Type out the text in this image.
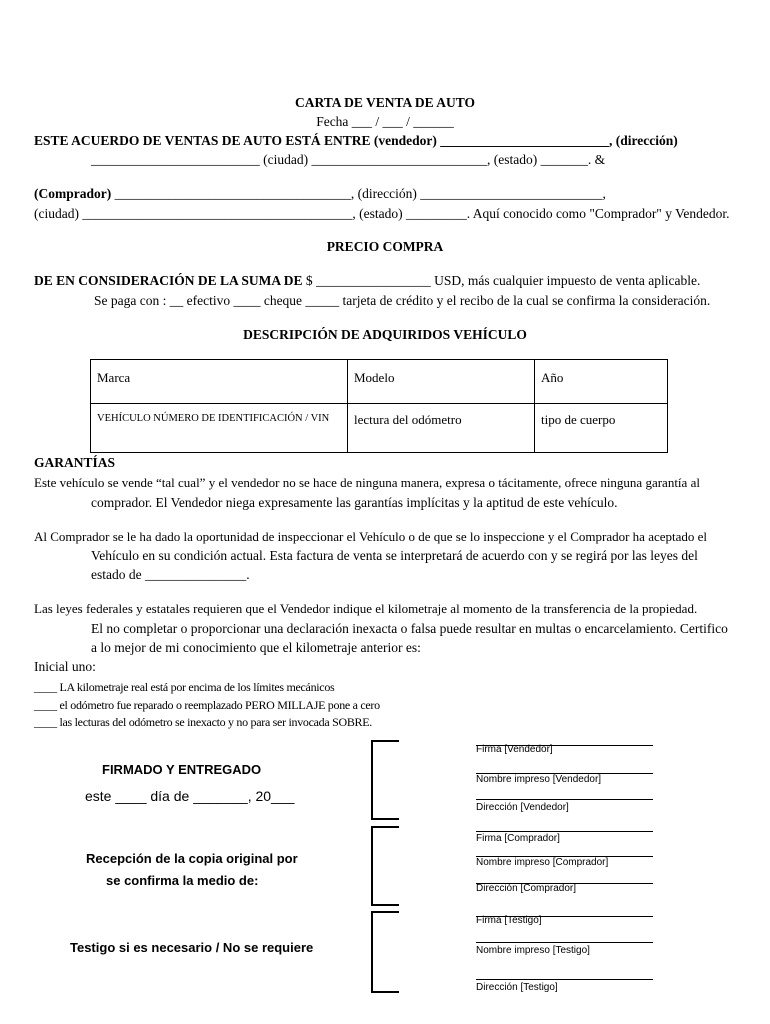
CARTA DE VENTA DE AUTO
Fecha ___ / ___ / ______
ESTE ACUERDO DE VENTAS DE AUTO ESTÁ ENTRE (vendedor) _________________________, (dirección)
_________________________ (ciudad) __________________________, (estado) _______. &
(Comprador) ___________________________________, (dirección) ___________________________,
(ciudad) ________________________________________, (estado) _________. Aquí conocido como "Comprador" y Vendedor.
PRECIO COMPRA
DE EN CONSIDERACIÓN DE LA SUMA DE $ _________________ USD, más cualquier impuesto de venta aplicable.
Se paga con : __ efectivo ____ cheque _____ tarjeta de crédito y el recibo de la cual se confirma la consideración.
DESCRIPCIÓN DE ADQUIRIDOS VEHÍCULO
Marca	Modelo	Año
VEHÍCULO NÚMERO DE IDENTIFICACIÓN / VIN	lectura del odómetro	tipo de cuerpo
GARANTÍAS
Este vehículo se vende “tal cual” y el vendedor no se hace de ninguna manera, expresa o tácitamente, ofrece ninguna garantía al
comprador. El Vendedor niega expresamente las garantías implícitas y la aptitud de este vehículo.
Al Comprador se le ha dado la oportunidad de inspeccionar el Vehículo o de que se lo inspeccione y el Comprador ha aceptado el
Vehículo en su condición actual. Esta factura de venta se interpretará de acuerdo con y se regirá por las leyes del
estado de _______________.
Las leyes federales y estatales requieren que el Vendedor indique el kilometraje al momento de la transferencia de la propiedad.
El no completar o proporcionar una declaración inexacta o falsa puede resultar en multas o encarcelamiento. Certifico
a lo mejor de mi conocimiento que el kilometraje anterior es:
Inicial uno:
____ LA kilometraje real está por encima de los límites mecánicos
____ el odómetro fue reparado o reemplazado PERO MILLAJE pone a cero
____ las lecturas del odómetro se inexacto y no para ser invocada SOBRE.
FIRMADO Y ENTREGADO
este ____ día de _______, 20___
Recepción de la copia original por
se confirma la medio de:
Testigo si es necesario / No se requiere
Firma [Vendedor]
Nombre impreso [Vendedor]
Dirección [Vendedor]
Firma [Comprador]
Nombre impreso [Comprador]
Dirección [Comprador]
Firma [Testigo]
Nombre impreso [Testigo]
Dirección [Testigo]
